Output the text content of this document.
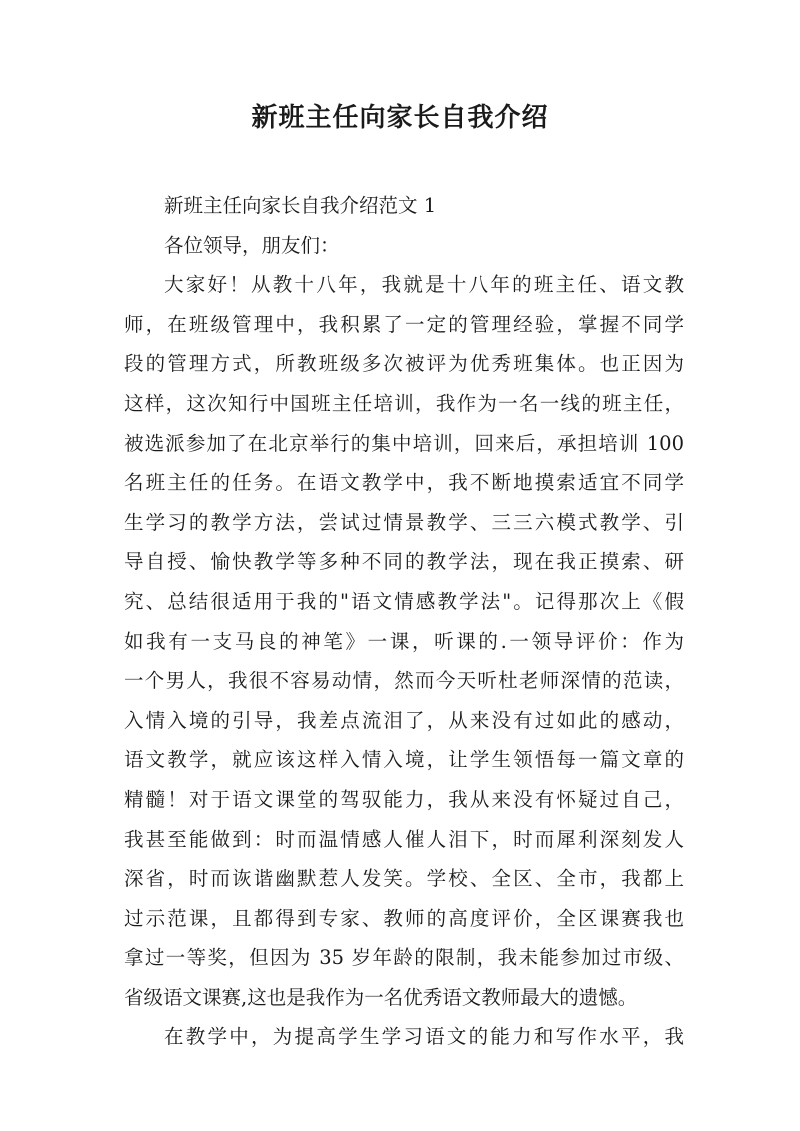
新班主任向家长自我介绍
新班主任向家长自我介绍范文 1
各位领导，朋友们：
大家好！从教十八年，我就是十八年的班主任、语文教
师，在班级管理中，我积累了一定的管理经验，掌握不同学
段的管理方式，所教班级多次被评为优秀班集体。也正因为
这样，这次知行中国班主任培训，我作为一名一线的班主任，
被选派参加了在北京举行的集中培训，回来后，承担培训 100
名班主任的任务。在语文教学中，我不断地摸索适宜不同学
生学习的教学方法，尝试过情景教学、三三六模式教学、引
导自授、愉快教学等多种不同的教学法，现在我正摸索、研
究、总结很适用于我的"语文情感教学法"。记得那次上《假
如我有一支马良的神笔》一课，听课的.一领导评价：作为
一个男人，我很不容易动情，然而今天听杜老师深情的范读，
入情入境的引导，我差点流泪了，从来没有过如此的感动，
语文教学，就应该这样入情入境，让学生领悟每一篇文章的
精髓！对于语文课堂的驾驭能力，我从来没有怀疑过自己，
我甚至能做到：时而温情感人催人泪下，时而犀利深刻发人
深省，时而诙谐幽默惹人发笑。学校、全区、全市，我都上
过示范课，且都得到专家、教师的高度评价，全区课赛我也
拿过一等奖，但因为 35 岁年龄的限制，我未能参加过市级、
省级语文课赛,这也是我作为一名优秀语文教师最大的遗憾。
在教学中，为提高学生学习语文的能力和写作水平，我
